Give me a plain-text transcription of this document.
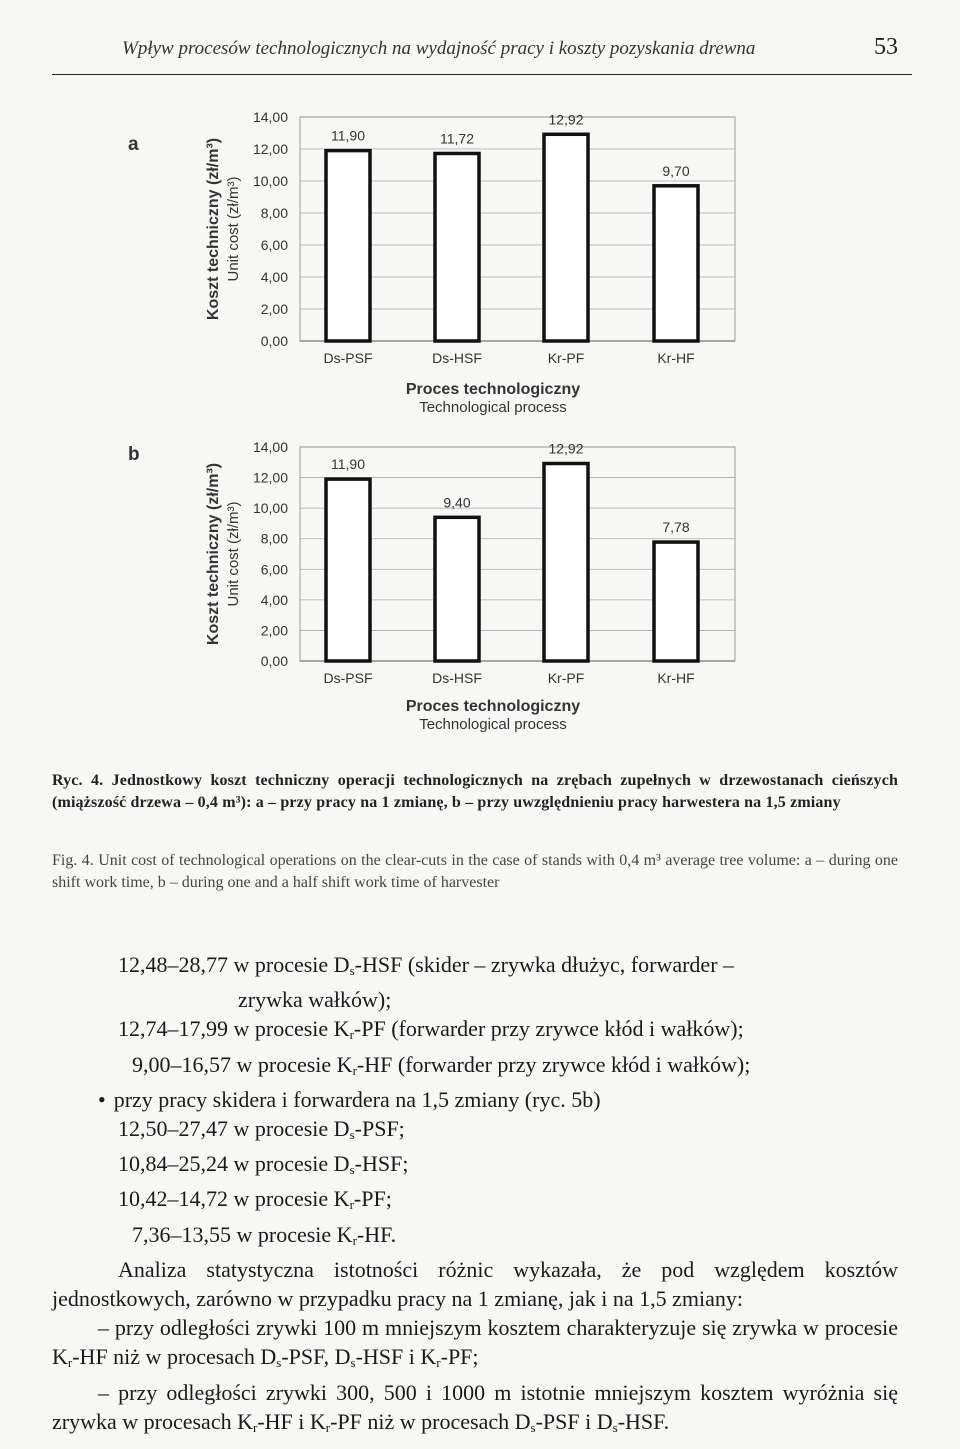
Wpływ procesów technologicznych na wydajność pracy i koszty pozyskania drewna	53
a	Koszt techniczny (zł/m³) Unit cost (zł/m³)
0,00
2,00
4,00
6,00
8,00
10,00
12,00
14,00
11,90
Ds-PSF
11,72
Ds-HSF
12,92
Kr-PF
9,70
Kr-HF
Proces technologiczny
Technological process
b
Koszt techniczny (zł/m³) Unit cost (zł/m³)
0,00
2,00
4,00
6,00
8,00
10,00
12,00
14,00
11,90
Ds-PSF
9,40
Ds-HSF
12,92
Kr-PF
7,78
Kr-HF
Proces technologiczny
Technological process
Ryc. 4. Jednostkowy koszt techniczny operacji technologicznych na zrębach zupełnych w drzewostanach cieńszych (miąższość drzewa – 0,4 m³): a – przy pracy na 1 zmianę, b – przy uwzględnieniu pracy harwestera na 1,5 zmiany
Fig. 4. Unit cost of technological operations on the clear-cuts in the case of stands with 0,4 m³ average tree volume: a – during one shift work time, b – during one and a half shift work time of harvester

12,48–28,77 w procesie $D_s$-HSF (skider – zrywka dłużyc, forwarder –

zrywka wałków);

12,74–17,99 w procesie $K_r-PF$ (forwarder przy zrywce kłód i wałków);

9,00–16,57 w procesie $K_r-HF$ (forwarder przy zrywce kłód i wałków);

• przy pracy skidera i forwardera na 1,5 zmiany (ryc. 5b)

12,50–27,47 w procesie $D_s$-PSF;

10,84–25,24 w procesie $D_s$-HSF;

10,42–14,72 w procesie $K_r-PF$;

7,36–13,55 w procesie $K_r-HF$.

Analiza statystyczna istotności różnic wykazała, że pod względem kosztów jednostkowych, zarówno w przypadku pracy na 1 zmianę, jak i na 1,5 zmiany:

– przy odległości zrywki 100 m mniejszym kosztem charakteryzuje się zrywka w procesie $K_r-HF$ niż w procesach $D_s$-PSF, $D_s$-HSF i $K_r-PF$;

– przy odległości zrywki 300, 500 i 1000 m istotnie mniejszym kosztem wyróżnia się zrywka w procesach $K_r-HF$ i $K_r-PF$ niż w procesach $D_s$-PSF i $D_s$-HSF.
